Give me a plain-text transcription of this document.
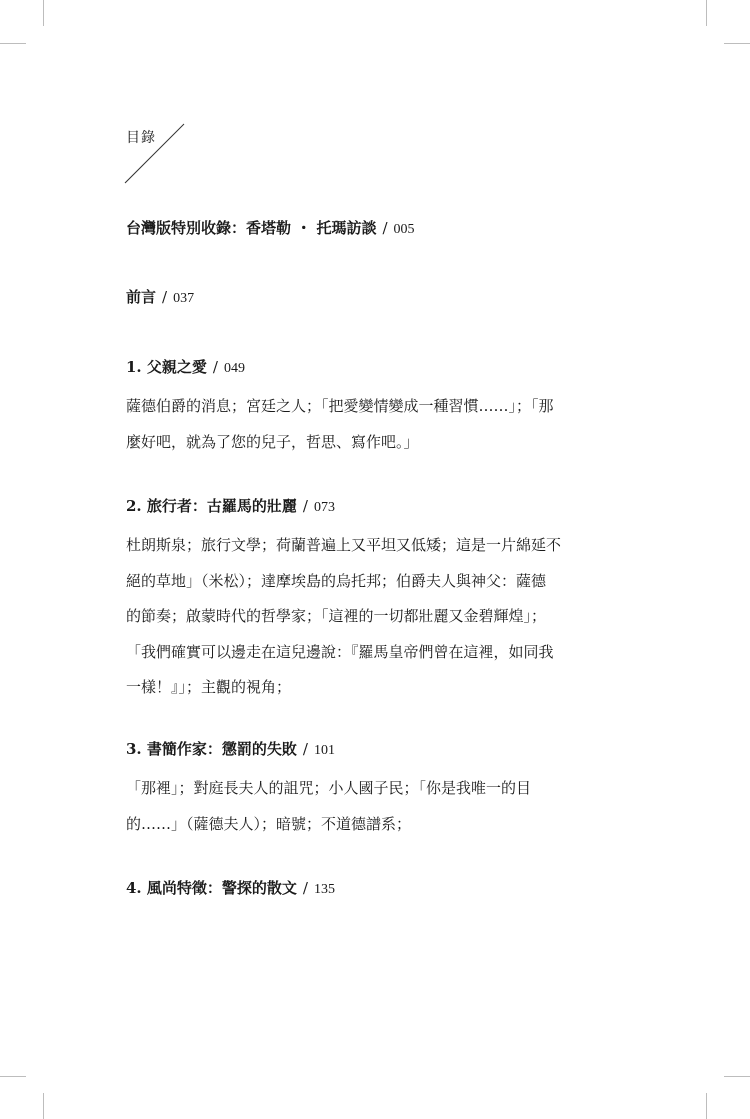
目錄
台灣版特別收錄：香塔勒 ・ 托瑪訪談 / 005
前言 / 037
1. 父親之愛 / 049
薩德伯爵的消息；宮廷之人；「把愛變情變成一種習慣……」；「那
麼好吧，就為了您的兒子，哲思、寫作吧。」
2. 旅行者：古羅馬的壯麗 / 073
杜朗斯泉；旅行文學；荷蘭普遍上又平坦又低矮；這是一片綿延不
絕的草地」（米松）；達摩埃島的烏托邦；伯爵夫人與神父：薩德
的節奏；啟蒙時代的哲學家；「這裡的一切都壯麗又金碧輝煌」；
「我們確實可以邊走在這兒邊說：『羅馬皇帝們曾在這裡，如同我
一樣！』」；主觀的視角；
3. 書簡作家：懲罰的失敗 / 101
「那裡」；對庭長夫人的詛咒；小人國子民；「你是我唯一的目
的……」（薩德夫人）；暗號；不道德譜系；
4. 風尚特徵：警探的散文 / 135
